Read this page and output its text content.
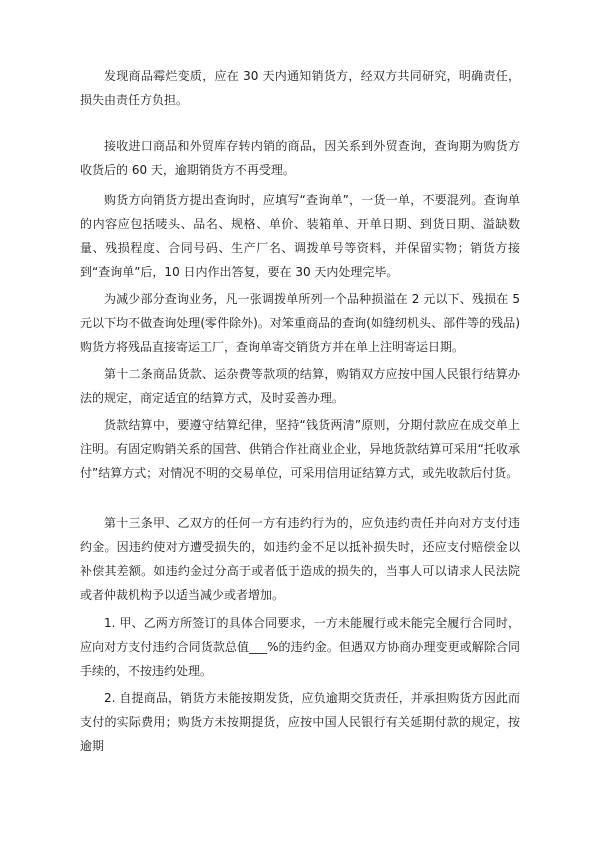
发现商品霉烂变质，应在 30 天内通知销货方，经双方共同研究，明确责任，损失由责任方负担。

接收进口商品和外贸库存转内销的商品，因关系到外贸查询，查询期为购货方收货后的 60 天，逾期销货方不再受理。

购货方向销货方提出查询时，应填写“查询单”，一货一单，不要混列。查询单的内容应包括唛头、品名、规格、单价、装箱单、开单日期、到货日期、溢缺数量、残损程度、合同号码、生产厂名、调拨单号等资料，并保留实物；销货方接到“查询单”后，10 日内作出答复，要在 30 天内处理完毕。

为减少部分查询业务，凡一张调拨单所列一个品种损溢在 2 元以下、残损在 5 元以下均不做查询处理(零件除外)。对笨重商品的查询(如缝纫机头、部件等的残品)购货方将残品直接寄运工厂，查询单寄交销货方并在单上注明寄运日期。

第十二条商品货款、运杂费等款项的结算，购销双方应按中国人民银行结算办法的规定，商定适宜的结算方式，及时妥善办理。

货款结算中，要遵守结算纪律，坚持“钱货两清”原则，分期付款应在成交单上注明。有固定购销关系的国营、供销合作社商业企业，异地货款结算可采用“托收承付”结算方式；对情况不明的交易单位，可采用信用证结算方式，或先收款后付货。

第十三条甲、乙双方的任何一方有违约行为的，应负违约责任并向对方支付违约金。因违约使对方遭受损失的，如违约金不足以抵补损失时，还应支付赔偿金以补偿其差额。如违约金过分高于或者低于造成的损失的，当事人可以请求人民法院或者仲裁机构予以适当减少或者增加。

1. 甲、乙两方所签订的具体合同要求，一方未能履行或未能完全履行合同时，应向对方支付违约合同货款总值___%的违约金。但遇双方协商办理变更或解除合同手续的，不按违约处理。

2. 自提商品，销货方未能按期发货，应负逾期交货责任，并承担购货方因此而支付的实际费用；购货方未按期提货，应按中国人民银行有关延期付款的规定，按逾期
